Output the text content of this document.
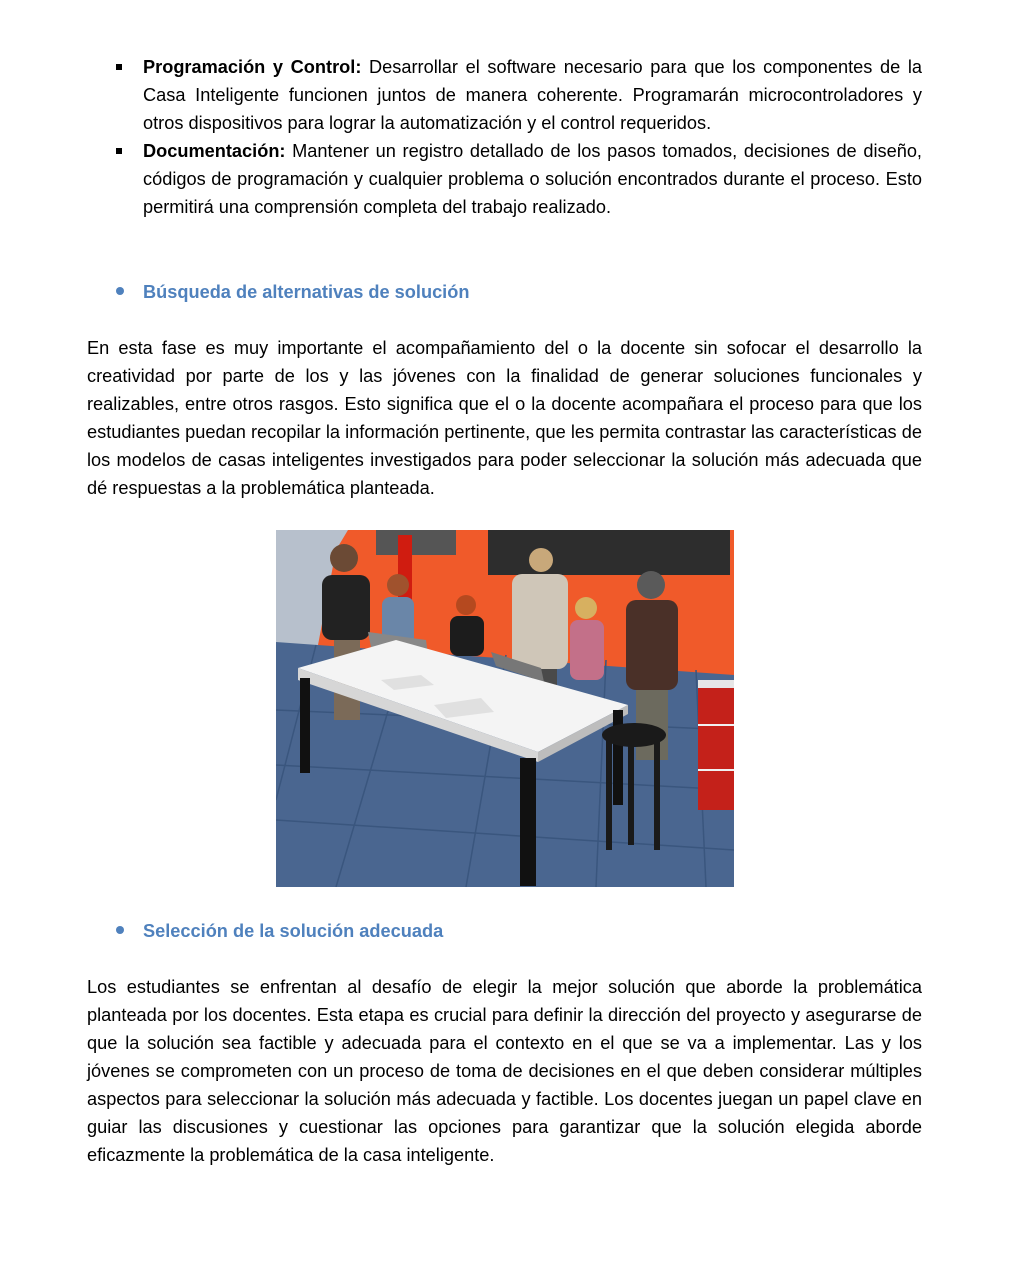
Programación y Control: Desarrollar el software necesario para que los componentes de la Casa Inteligente funcionen juntos de manera coherente. Programarán microcontroladores y otros dispositivos para lograr la automatización y el control requeridos.
Documentación: Mantener un registro detallado de los pasos tomados, decisiones de diseño, códigos de programación y cualquier problema o solución encontrados durante el proceso. Esto permitirá una comprensión completa del trabajo realizado.
Búsqueda de alternativas de solución
En esta fase es muy importante el acompañamiento del o la docente sin sofocar el desarrollo la creatividad por parte de los y las jóvenes con la finalidad de generar soluciones funcionales y realizables, entre otros rasgos. Esto significa que el o la docente acompañara el proceso para que los estudiantes puedan recopilar la información pertinente, que les permita contrastar las características de los modelos de casas inteligentes investigados para poder seleccionar la solución más adecuada que dé respuestas a la problemática planteada.
Selección de la solución adecuada
Los estudiantes se enfrentan al desafío de elegir la mejor solución que aborde la problemática planteada por los docentes. Esta etapa es crucial para definir la dirección del proyecto y asegurarse de que la solución sea factible y adecuada para el contexto en el que se va a implementar. Las y los jóvenes se comprometen con un proceso de toma de decisiones en el que deben considerar múltiples aspectos para seleccionar la solución más adecuada y factible. Los docentes juegan un papel clave en guiar las discusiones y cuestionar las opciones para garantizar que la solución elegida aborde eficazmente la problemática de la casa inteligente.
